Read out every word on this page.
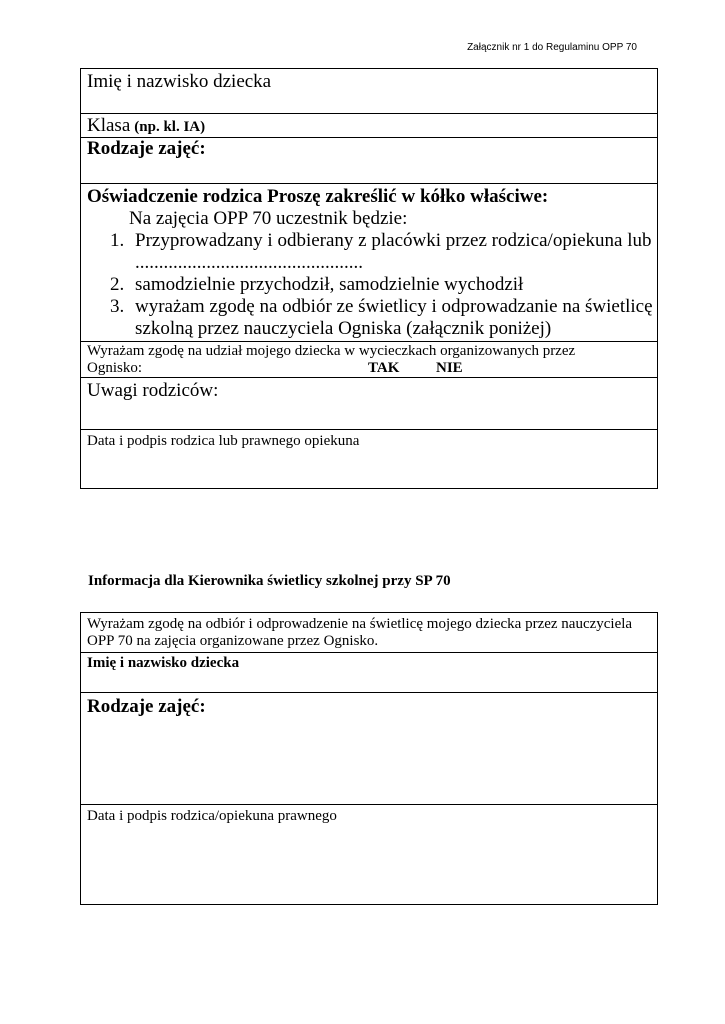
Załącznik nr 1 do Regulaminu OPP 70
Imię i nazwisko dziecka
Klasa (np. kl. IA)
Rodzaje zajęć:

Oświadczenie rodzica Proszę zakreślić w kółko właściwe:
Na zajęcia OPP 70 uczestnik będzie:
1. Przyprowadzany i odbierany z placówki przez rodzica/opiekuna lub ................................................
2. samodzielnie przychodził, samodzielnie wychodził
3. wyrażam zgodę na odbiór ze świetlicy i odprowadzanie na świetlicę szkolną przez nauczyciela Ogniska (załącznik poniżej)

Wyrażam zgodę na udział mojego dziecka w wycieczkach organizowanych przez
Ognisko:	TAK NIE

Uwagi rodziców:
Data i podpis rodzica lub prawnego opiekuna
Informacja dla Kierownika świetlicy szkolnej przy SP 70
Wyrażam zgodę na odbiór i odprowadzenie na świetlicę mojego dziecka przez nauczyciela OPP 70 na zajęcia organizowane przez Ognisko.
Imię i nazwisko dziecka
Rodzaje zajęć:
Data i podpis rodzica/opiekuna prawnego
